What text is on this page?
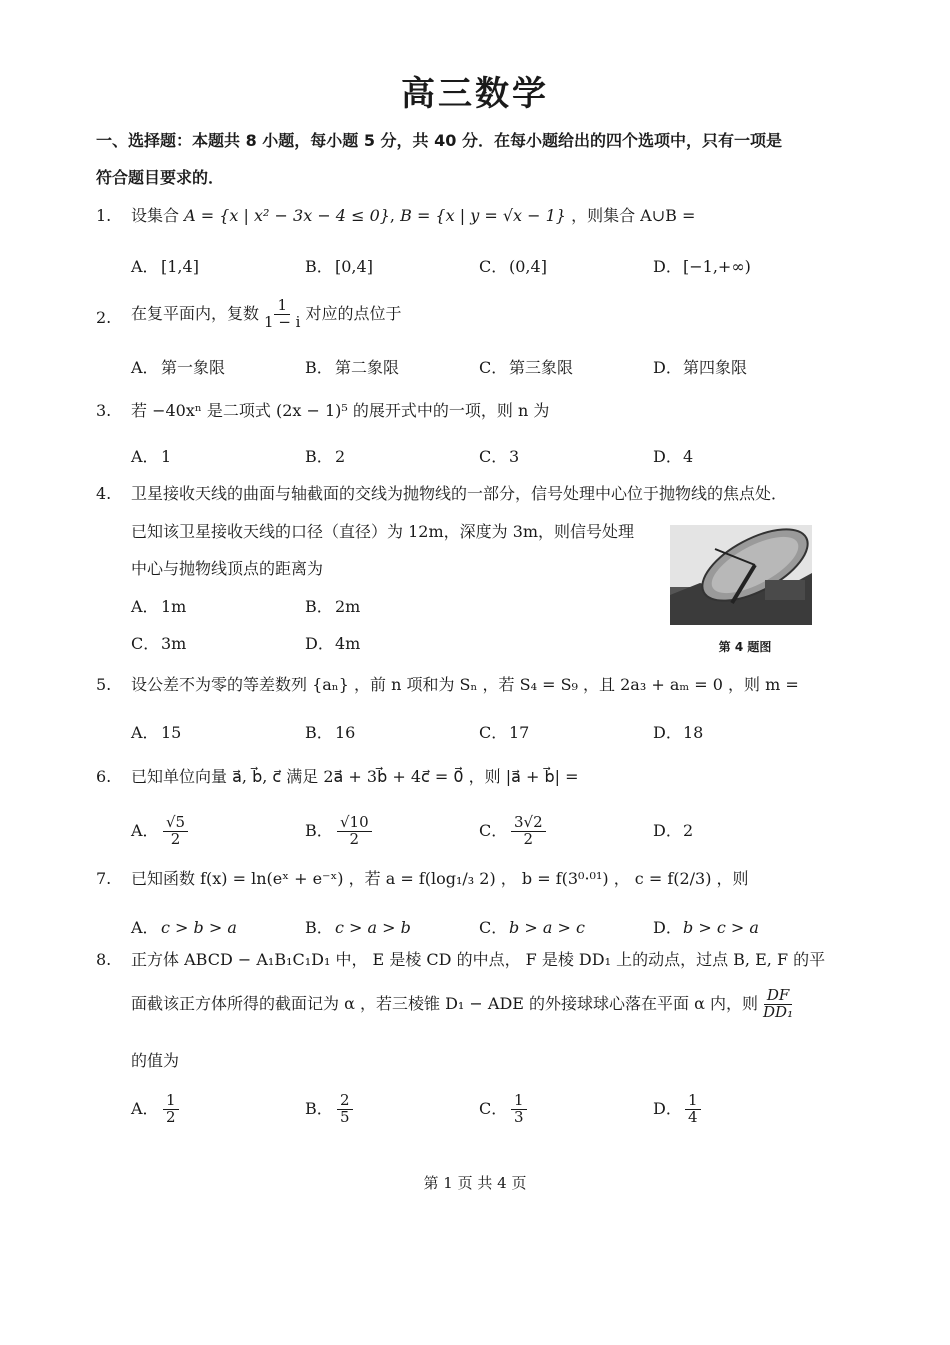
高三数学
一、选择题：本题共 8 小题，每小题 5 分，共 40 分．在每小题给出的四个选项中，只有一项是
符合题目要求的．
1.	设集合 A = {x | x² − 3x − 4 ≤ 0}, B = {x | y = √x − 1} ，则集合 A∪B =
A． [1,4]	B． [0,4]	C． (0,4]	D．[−1,+∞)
2.	在复平面内，复数 $\frac{1}{1 - i}$ 对应的点位于
A． 第一象限	B． 第二象限	C． 第三象限	D．第四象限
3.	若 −40xⁿ 是二项式 (2x − 1)⁵ 的展开式中的一项，则 n 为
A． 1	B． 2	C． 3	D．4
4.	卫星接收天线的曲面与轴截面的交线为抛物线的一部分，信号处理中心位于抛物线的焦点处．
已知该卫星接收天线的口径（直径）为 12m，深度为 3m，则信号处理
中心与抛物线顶点的距离为
A． 1m	B． 2m
C． 3m	D．4m	第 4 题图
5.	设公差不为零的等差数列 {aₙ} ，前 n 项和为 Sₙ ，若 S₄ = S₉ ，且 2a₃ + aₘ = 0 ，则 m =
A． 15	B． 16	C． 17	D．18
6.	已知单位向量 a⃗, b⃗, c⃗ 满足 2a⃗ + 3b⃗ + 4c⃗ = 0⃗ ，则 |a⃗ + b⃗| =
A． $\frac{√5}{2}$	B． $\frac{√10}{2}$	C． $\frac{3√2}{2}$	D．2
7.	已知函数 f(x) = ln(eˣ + e⁻ˣ) ，若 a = f(log₁/₃ 2) ， b = f(3⁰·⁰¹) ， c = f(2/3) ，则
A． c > b > a	B． c > a > b	C． b > a > c	D．b > c > a
8.	正方体 ABCD − A₁B₁C₁D₁ 中， E 是棱 CD 的中点， F 是棱 DD₁ 上的动点，过点 B, E, F 的平
面截该正方体所得的截面记为 α ，若三棱锥 D₁ − ADE 的外接球球心落在平面 α 内，则 $\frac{DF}{\text{DD₁}}$
的值为
A． $\frac{1}{2}$	B． $\frac{2}{5}$	C． $\frac{1}{3}$	D． $\frac{1}{4}$
第 1 页 共 4 页
